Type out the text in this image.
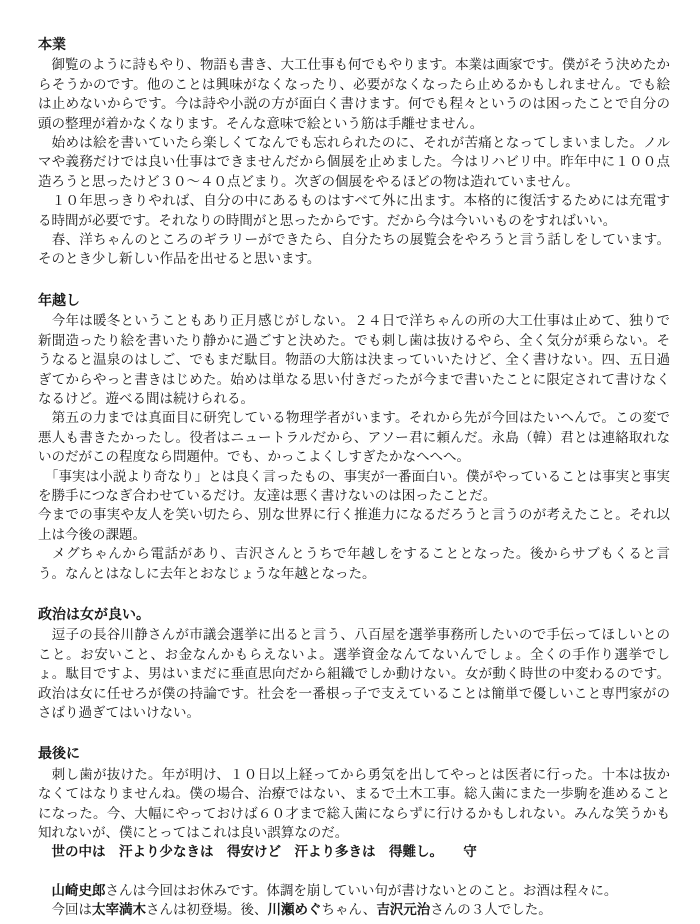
本業

　御覧のように詩もやり、物語も書き、大工仕事も何でもやります。本業は画家です。僕がそう決めたからそうかのです。他のことは興味がなくなったり、必要がなくなったら止めるかもしれません。でも絵は止めないからです。今は詩や小説の方が面白く書けます。何でも程々というのは困ったことで自分の頭の整理が着かなくなります。そんな意味で絵という筋は手離せません。

　始めは絵を書いていたら楽しくてなんでも忘れられたのに、それが苦痛となってしまいました。ノルマや義務だけでは良い仕事はできませんだから個展を止めました。今はリハビリ中。昨年中に１００点造ろうと思ったけど３０〜４０点どまり。次ぎの個展をやるほどの物は造れていません。

　１０年思っきりやれば、自分の中にあるものはすべて外に出ます。本格的に復活するためには充電する時間が必要です。それなりの時間がと思ったからです。だから今は今いいものをすればいい。

　春、洋ちゃんのところのギラリーができたら、自分たちの展覧会をやろうと言う話しをしています。そのとき少し新しい作品を出せると思います。

年越し

　今年は暖冬ということもあり正月感じがしない。２４日で洋ちゃんの所の大工仕事は止めて、独りで新聞造ったり絵を書いたり静かに過ごすと決めた。でも刺し歯は抜けるやら、全く気分が乗らない。そうなると温泉のはしご、でもまだ駄目。物語の大筋は決まっていいたけど、全く書けない。四、五日過ぎてからやっと書きはじめた。始めは単なる思い付きだったが今まで書いたことに限定されて書けなくなるけど。遊べる間は続けられる。

　第五の力までは真面目に研究している物理学者がいます。それから先が今回はたいへんで。この変で悪人も書きたかったし。役者はニュートラルだから、アソー君に頼んだ。永島（韓）君とは連絡取れないのだがこの程度なら問題仲。でも、かっこよくしすぎたかなへへへ。

　「事実は小説より奇なり」とは良く言ったもの、事実が一番面白い。僕がやっていることは事実と事実を勝手につなぎ合わせているだけ。友達は悪く書けないのは困ったことだ。

今までの事実や友人を笑い切たら、別な世界に行く推進力になるだろうと言うのが考えたこと。それ以上は今後の課題。

　メグちゃんから電話があり、吉沢さんとうちで年越しをすることとなった。後からサブもくると言う。なんとはなしに去年とおなじょうな年越となった。

政治は女が良い。

　逗子の長谷川静さんが市議会選挙に出ると言う、八百屋を選挙事務所したいので手伝ってほしいとのこと。お安いこと、お金なんかもらえないよ。選挙資金なんてないんでしょ。全くの手作り選挙でしょ。駄目ですよ、男はいまだに垂直思向だから組織でしか動けない。女が動く時世の中変わるのです。政治は女に任せろが僕の持論です。社会を一番根っ子で支えていることは簡単で優しいこと専門家がのさばり過ぎてはいけない。

最後に

　刺し歯が抜けた。年が明け、１０日以上経ってから勇気を出してやっとは医者に行った。十本は抜かなくてはなりませんね。僕の場合、治療ではない、まるで土木工事。総入歯にまた一歩駒を進めることになった。今、大幅にやっておけば６０才まで総入歯にならずに行けるかもしれない。みんな笑うかも知れないが、僕にとってはこれは良い誤算なのだ。

　世の中は　汗より少なきは　得安けど　汗より多きは　得難し。　　守

　山崎史郎さんは今回はお休みです。体調を崩していい句が書けないとのこと。お酒は程々に。

　今回は太宰満木さんは初登場。後、川瀬めぐちゃん、吉沢元治さんの３人でした。
